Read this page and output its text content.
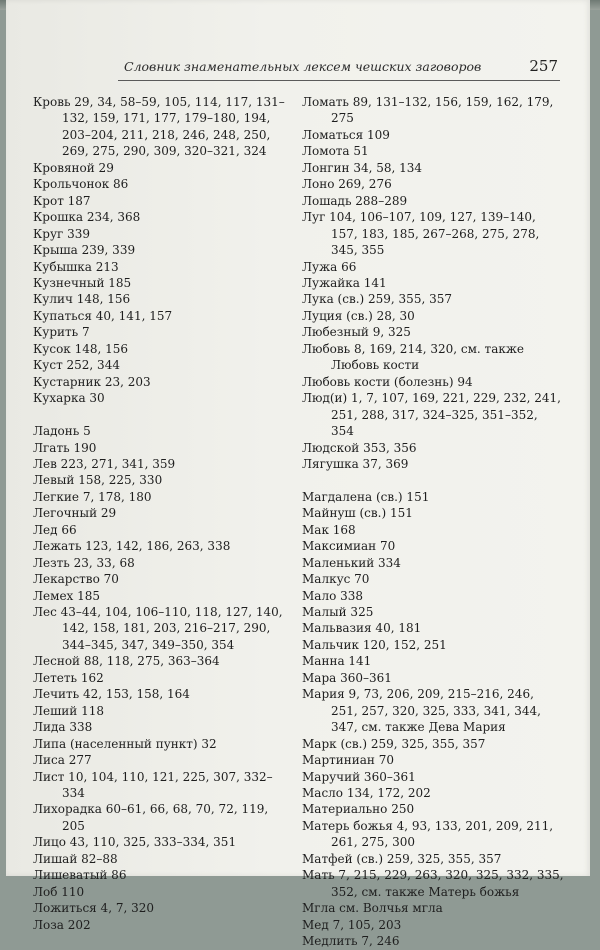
Словник знаменательных лексем чешских заговоров	257
Кровь 29, 34, 58–59, 105, 114, 117, 131–132, 159, 171, 177, 179–180, 194, 203–204, 211, 218, 246, 248, 250, 269, 275, 290, 309, 320–321, 324
Кровяной 29
Крольчонок 86
Крот 187
Крошка 234, 368
Круг 339
Крыша 239, 339
Кубышка 213
Кузнечный 185
Кулич 148, 156
Купаться 40, 141, 157
Курить 7
Кусок 148, 156
Куст 252, 344
Кустарник 23, 203
Кухарка 30
Ладонь 5
Лгать 190
Лев 223, 271, 341, 359
Левый 158, 225, 330
Легкие 7, 178, 180
Легочный 29
Лед 66
Лежать 123, 142, 186, 263, 338
Лезть 23, 33, 68
Лекарство 70
Лемех 185
Лес 43–44, 104, 106–110, 118, 127, 140, 142, 158, 181, 203, 216–217, 290, 344–345, 347, 349–350, 354
Лесной 88, 118, 275, 363–364
Лететь 162
Лечить 42, 153, 158, 164
Леший 118
Лида 338
Липа (населенный пункт) 32
Лиса 277
Лист 10, 104, 110, 121, 225, 307, 332–334
Лихорадка 60–61, 66, 68, 70, 72, 119, 205
Лицо 43, 110, 325, 333–334, 351
Лишай 82–88
Лишеватый 86
Лоб 110
Ложиться 4, 7, 320
Лоза 202
Ломать 89, 131–132, 156, 159, 162, 179, 275
Ломаться 109
Ломота 51
Лонгин 34, 58, 134
Лоно 269, 276
Лошадь 288–289
Луг 104, 106–107, 109, 127, 139–140, 157, 183, 185, 267–268, 275, 278, 345, 355
Лужа 66
Лужайка 141
Лука (св.) 259, 355, 357
Луция (св.) 28, 30
Любезный 9, 325
Любовь 8, 169, 214, 320, см. также Любовь кости
Любовь кости (болезнь) 94
Люд(и) 1, 7, 107, 169, 221, 229, 232, 241, 251, 288, 317, 324–325, 351–352, 354
Людской 353, 356
Лягушка 37, 369
Магдалена (св.) 151
Майнуш (св.) 151
Мак 168
Максимиан 70
Маленький 334
Малкус 70
Мало 338
Малый 325
Мальвазия 40, 181
Мальчик 120, 152, 251
Манна 141
Мара 360–361
Мария 9, 73, 206, 209, 215–216, 246, 251, 257, 320, 325, 333, 341, 344, 347, см. также Дева Мария
Марк (св.) 259, 325, 355, 357
Мартиниан 70
Маручий 360–361
Масло 134, 172, 202
Материально 250
Матерь божья 4, 93, 133, 201, 209, 211, 261, 275, 300
Матфей (св.) 259, 325, 355, 357
Мать 7, 215, 229, 263, 320, 325, 332, 335, 352, см. также Матерь божья
Мгла см. Волчья мгла
Мед 7, 105, 203
Медлить 7, 246
